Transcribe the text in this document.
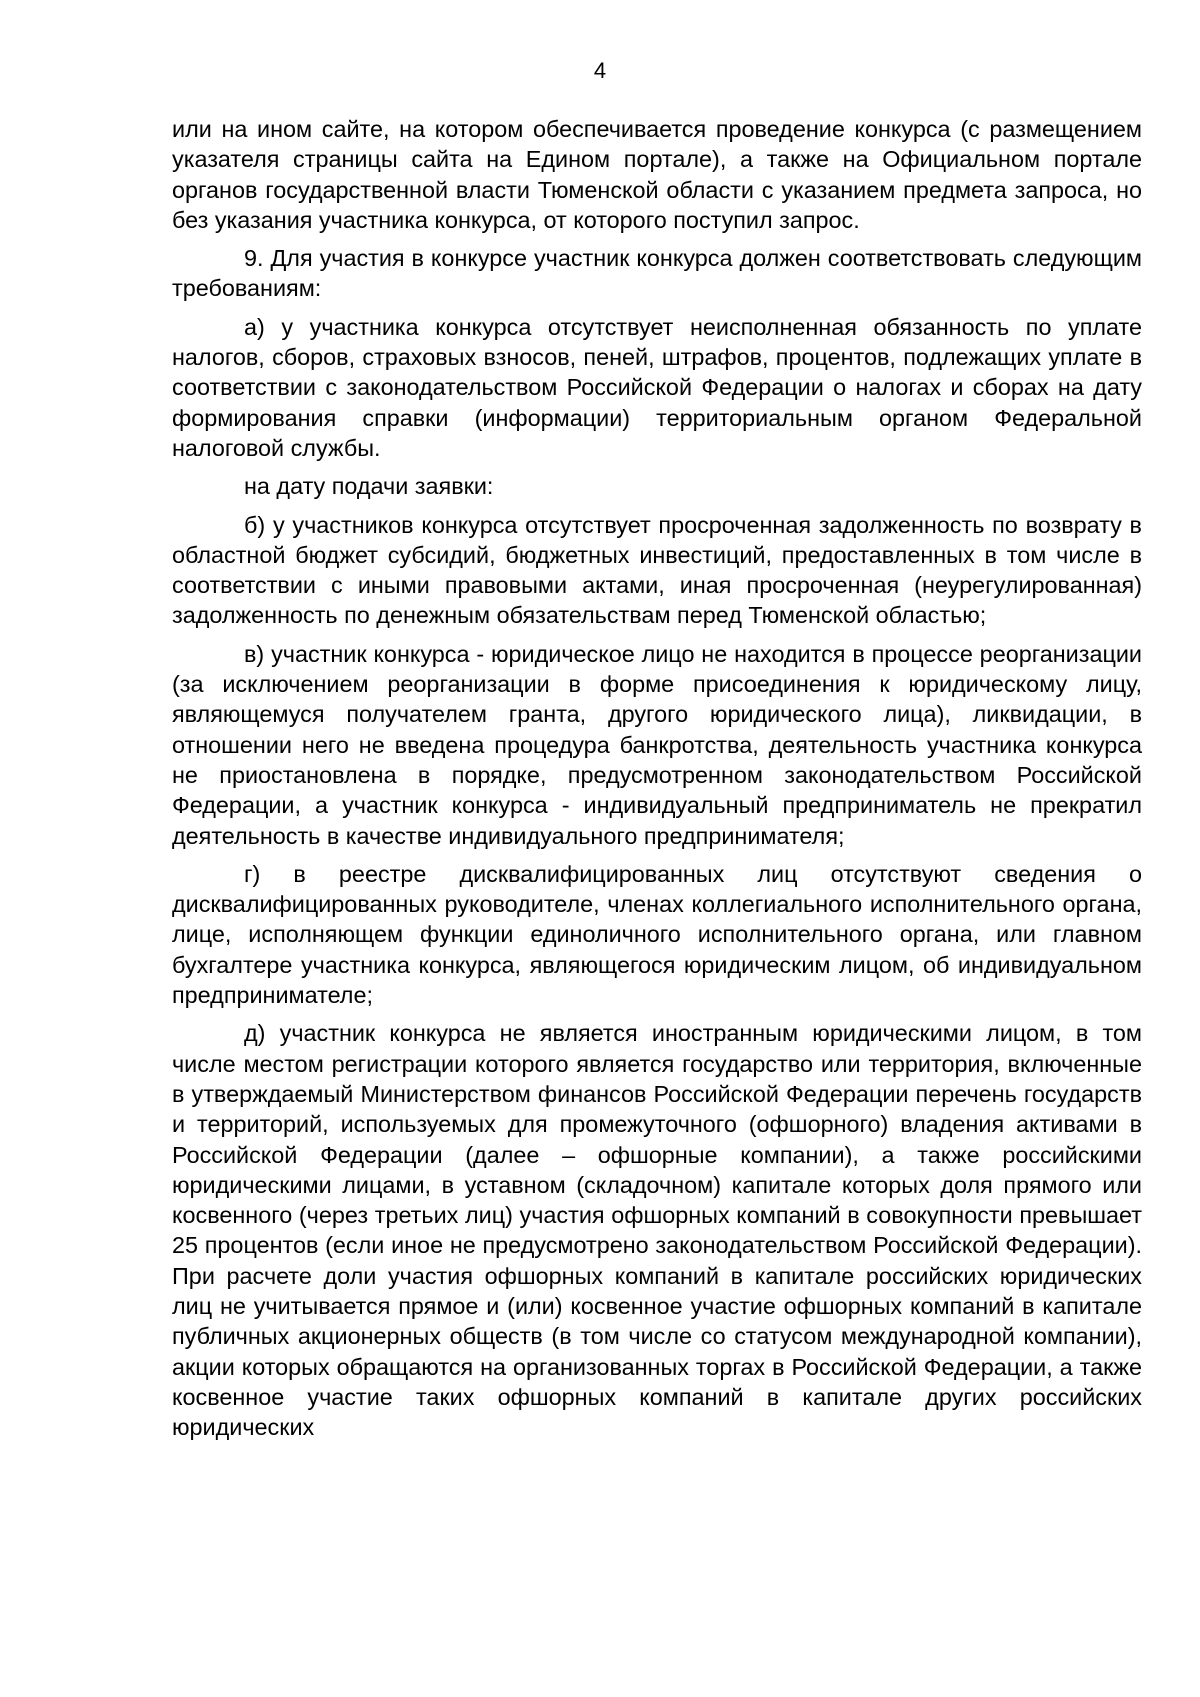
4

или на ином сайте, на котором обеспечивается проведение конкурса (с размещением указателя страницы сайта на Едином портале), а также на Официальном портале органов государственной власти Тюменской области с указанием предмета запроса, но без указания участника конкурса, от которого поступил запрос.

9. Для участия в конкурсе участник конкурса должен соответствовать следующим требованиям:

а) у участника конкурса отсутствует неисполненная обязанность по уплате налогов, сборов, страховых взносов, пеней, штрафов, процентов, подлежащих уплате в соответствии с законодательством Российской Федерации о налогах и сборах на дату формирования справки (информации) территориальным органом Федеральной налоговой службы.

на дату подачи заявки:

б) у участников конкурса отсутствует просроченная задолженность по возврату в областной бюджет субсидий, бюджетных инвестиций, предоставленных в том числе в соответствии с иными правовыми актами, иная просроченная (неурегулированная) задолженность по денежным обязательствам перед Тюменской областью;

в) участник конкурса - юридическое лицо не находится в процессе реорганизации (за исключением реорганизации в форме присоединения к юридическому лицу, являющемуся получателем гранта, другого юридического лица), ликвидации, в отношении него не введена процедура банкротства, деятельность участника конкурса не приостановлена в порядке, предусмотренном законодательством Российской Федерации, а участник конкурса - индивидуальный предприниматель не прекратил деятельность в качестве индивидуального предпринимателя;

г) в реестре дисквалифицированных лиц отсутствуют сведения о дисквалифицированных руководителе, членах коллегиального исполнительного органа, лице, исполняющем функции единоличного исполнительного органа, или главном бухгалтере участника конкурса, являющегося юридическим лицом, об индивидуальном предпринимателе;

д) участник конкурса не является иностранным юридическими лицом, в том числе местом регистрации которого является государство или территория, включенные в утверждаемый Министерством финансов Российской Федерации перечень государств и территорий, используемых для промежуточного (офшорного) владения активами в Российской Федерации (далее – офшорные компании), а также российскими юридическими лицами, в уставном (складочном) капитале которых доля прямого или косвенного (через третьих лиц) участия офшорных компаний в совокупности превышает 25 процентов (если иное не предусмотрено законодательством Российской Федерации). При расчете доли участия офшорных компаний в капитале российских юридических лиц не учитывается прямое и (или) косвенное участие офшорных компаний в капитале публичных акционерных обществ (в том числе со статусом международной компании), акции которых обращаются на организованных торгах в Российской Федерации, а также косвенное участие таких офшорных компаний в капитале других российских юридических
